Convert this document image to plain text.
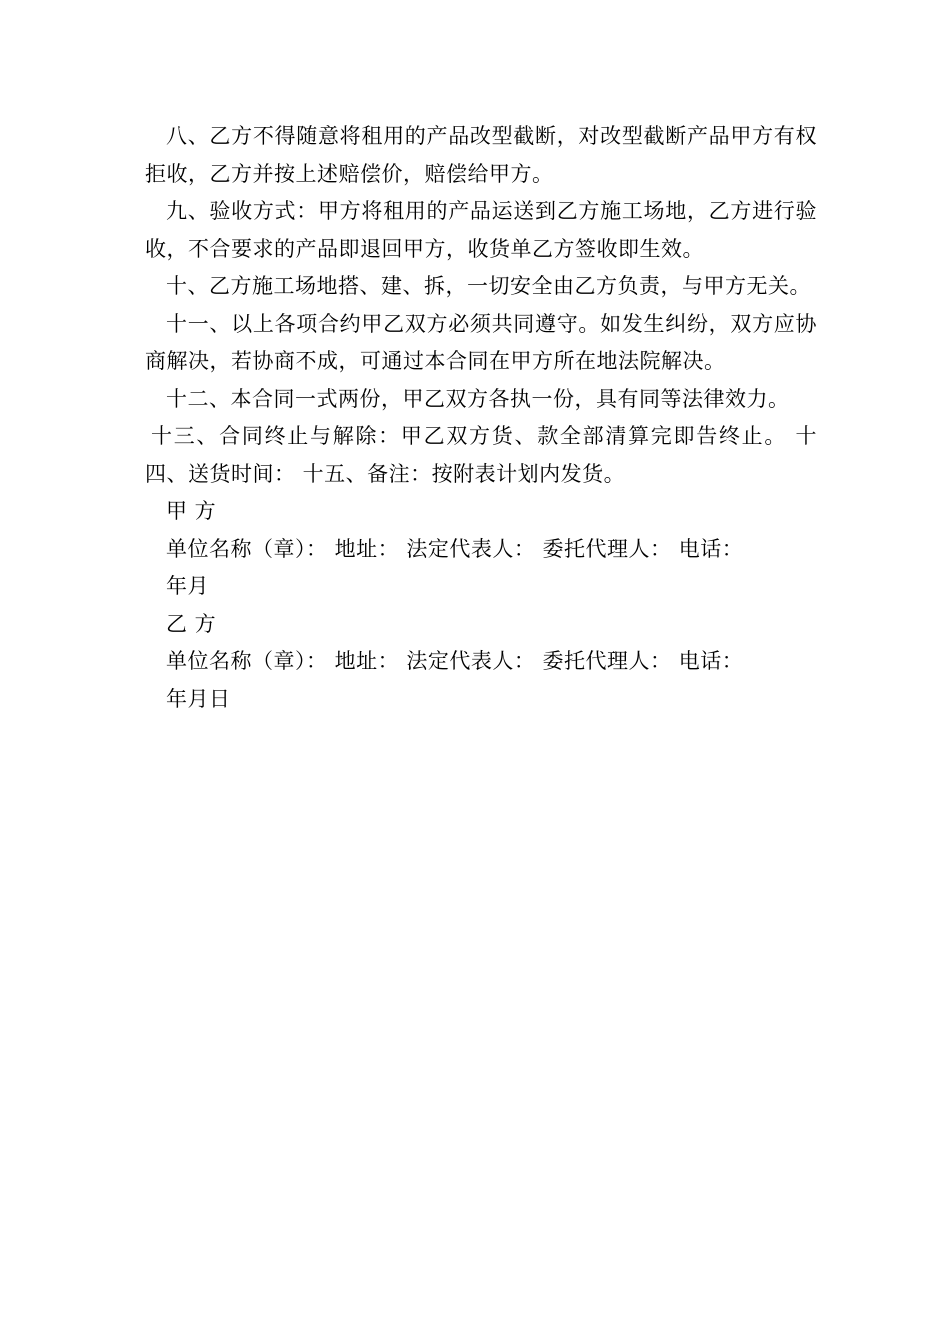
八、乙方不得随意将租用的产品改型截断，对改型截断产品甲方有权拒收，乙方并按上述赔偿价，赔偿给甲方。

九、验收方式：甲方将租用的产品运送到乙方施工场地，乙方进行验收，不合要求的产品即退回甲方，收货单乙方签收即生效。

十、乙方施工场地搭、建、拆，一切安全由乙方负责，与甲方无关。

十一、以上各项合约甲乙双方必须共同遵守。如发生纠纷，双方应协商解决，若协商不成，可通过本合同在甲方所在地法院解决。

十二、本合同一式两份，甲乙双方各执一份，具有同等法律效力。

十三、合同终止与解除：甲乙双方货、款全部清算完即告终止。 十四、送货时间： 十五、备注：按附表计划内发货。

甲 方

单位名称（章）： 地址： 法定代表人： 委托代理人： 电话：

年月

乙 方

单位名称（章）： 地址： 法定代表人： 委托代理人： 电话：

年月日
